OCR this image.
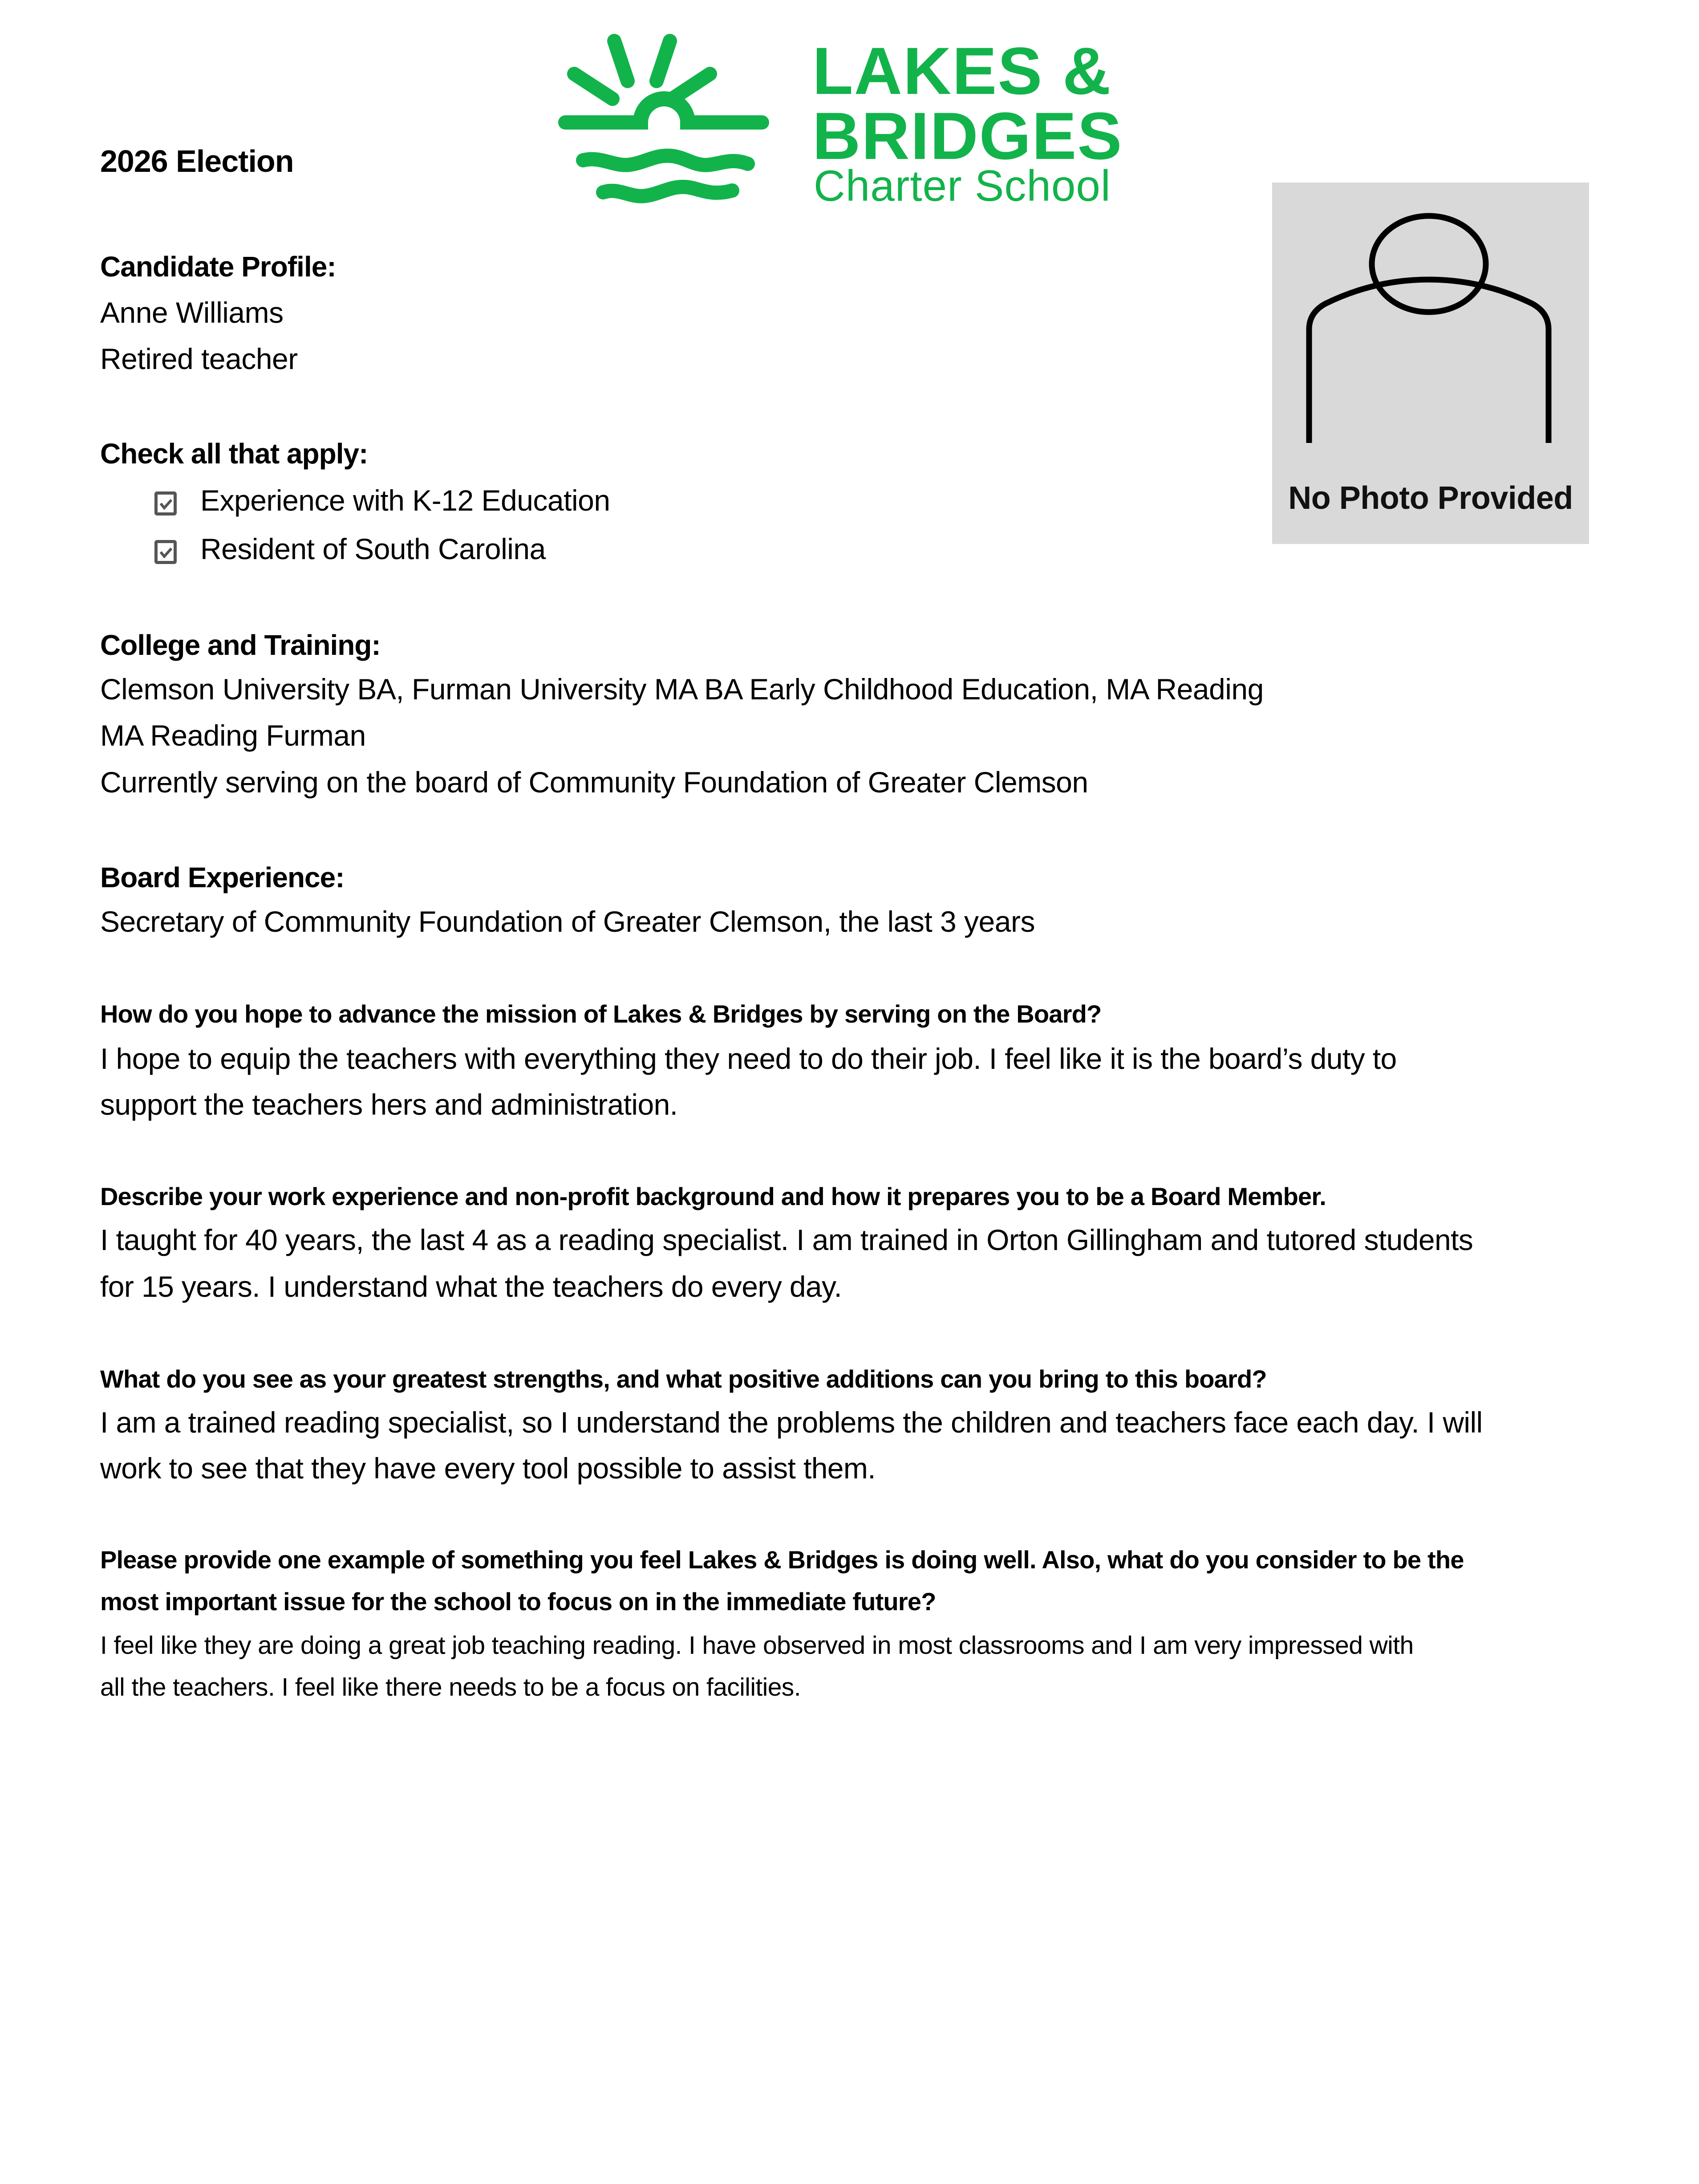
LAKES &
BRIDGES
Charter School
2026 Election
No Photo Provided
Candidate Profile:
Anne Williams
Retired teacher
Check all that apply:
Experience with K-12 Education
Resident of South Carolina
College and Training:
Clemson University BA, Furman University MA BA Early Childhood Education, MA Reading
MA Reading Furman
Currently serving on the board of Community Foundation of Greater Clemson
Board Experience:
Secretary of Community Foundation of Greater Clemson, the last 3 years
How do you hope to advance the mission of Lakes & Bridges by serving on the Board?
I hope to equip the teachers with everything they need to do their job. I feel like it is the board’s duty to
support the teachers hers and administration.
Describe your work experience and non-profit background and how it prepares you to be a Board Member.
I taught for 40 years, the last 4 as a reading specialist. I am trained in Orton Gillingham and tutored students
for 15 years. I understand what the teachers do every day.
What do you see as your greatest strengths, and what positive additions can you bring to this board?
I am a trained reading specialist, so I understand the problems the children and teachers face each day. I will
work to see that they have every tool possible to assist them.
Please provide one example of something you feel Lakes & Bridges is doing well. Also, what do you consider to be the
most important issue for the school to focus on in the immediate future?
I feel like they are doing a great job teaching reading. I have observed in most classrooms and I am very impressed with
all the teachers. I feel like there needs to be a focus on facilities.
